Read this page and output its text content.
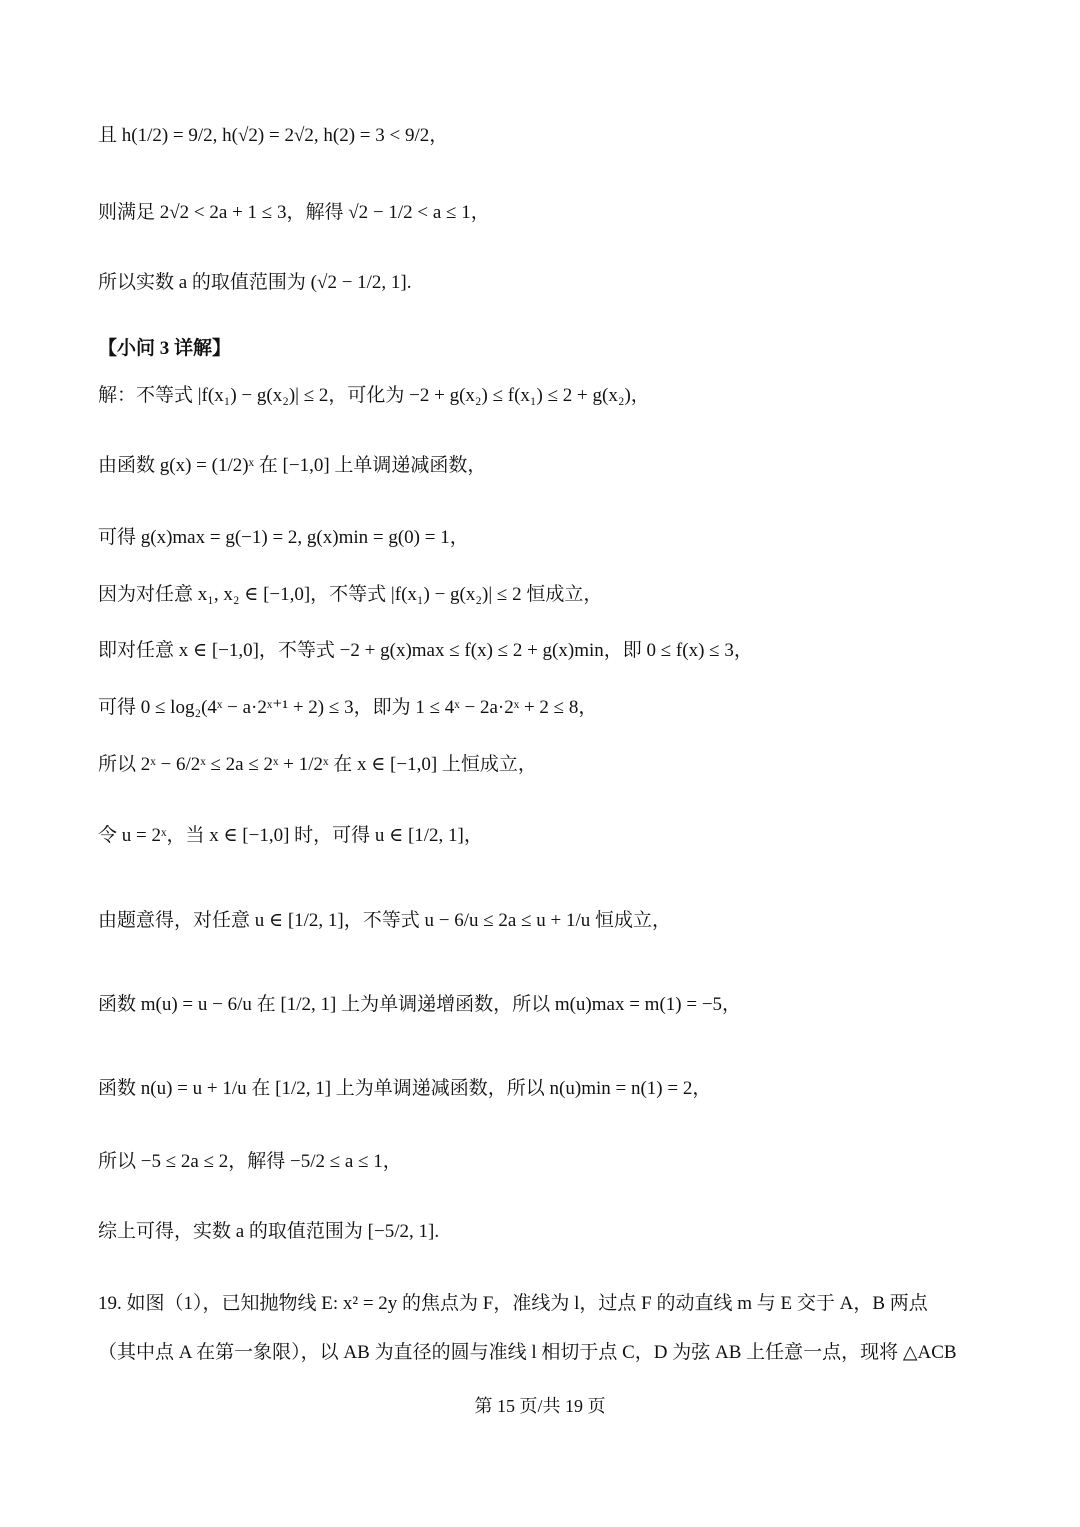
且 h(1/2) = 9/2, h(√2) = 2√2, h(2) = 3 < 9/2，
则满足 2√2 < 2a + 1 ≤ 3，解得 √2 − 1/2 < a ≤ 1，
所以实数 a 的取值范围为 (√2 − 1/2, 1].
【小问 3 详解】
解：不等式 |f(x₁) − g(x₂)| ≤ 2，可化为 −2 + g(x₂) ≤ f(x₁) ≤ 2 + g(x₂)，
由函数 g(x) = (1/2)ˣ 在 [−1,0] 上单调递减函数，
可得 g(x)max = g(−1) = 2, g(x)min = g(0) = 1，
因为对任意 x₁, x₂ ∈ [−1,0]，不等式 |f(x₁) − g(x₂)| ≤ 2 恒成立，
即对任意 x ∈ [−1,0]，不等式 −2 + g(x)max ≤ f(x) ≤ 2 + g(x)min，即 0 ≤ f(x) ≤ 3，
可得 0 ≤ log₂(4ˣ − a·2ˣ⁺¹ + 2) ≤ 3，即为 1 ≤ 4ˣ − 2a·2ˣ + 2 ≤ 8，
所以 2ˣ − 6/2ˣ ≤ 2a ≤ 2ˣ + 1/2ˣ 在 x ∈ [−1,0] 上恒成立，
令 u = 2ˣ，当 x ∈ [−1,0] 时，可得 u ∈ [1/2, 1]，
由题意得，对任意 u ∈ [1/2, 1]，不等式 u − 6/u ≤ 2a ≤ u + 1/u 恒成立，
函数 m(u) = u − 6/u 在 [1/2, 1] 上为单调递增函数，所以 m(u)max = m(1) = −5，
函数 n(u) = u + 1/u 在 [1/2, 1] 上为单调递减函数，所以 n(u)min = n(1) = 2，
所以 −5 ≤ 2a ≤ 2，解得 −5/2 ≤ a ≤ 1，
综上可得，实数 a 的取值范围为 [−5/2, 1].
19. 如图（1），已知抛物线 E: x² = 2y 的焦点为 F，准线为 l，过点 F 的动直线 m 与 E 交于 A，B 两点
（其中点 A 在第一象限），以 AB 为直径的圆与准线 l 相切于点 C，D 为弦 AB 上任意一点，现将 △ACB
第 15 页/共 19 页
